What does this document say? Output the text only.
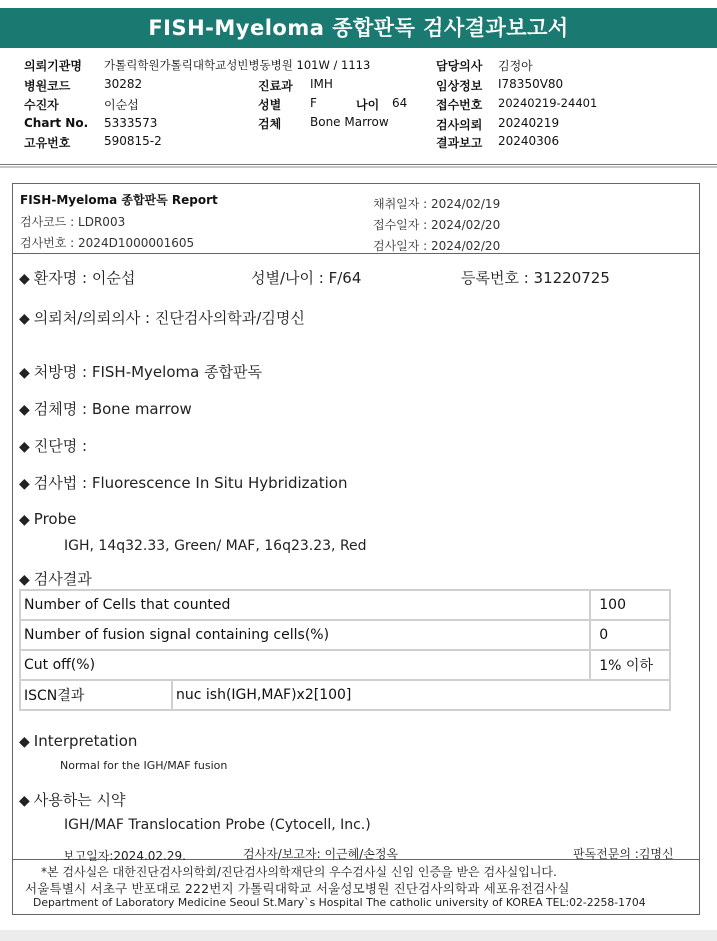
FISH-Myeloma 종합판독 검사결과보고서
의뢰기관명 가톨릭학원가톨릭대학교성빈병동병원 101W / 1113
병원코드	30282
수진자	이순섭
Chart No. 5333573
고유번호	590815-2
진료과 IMH
성별 F	나이 64
검체 Bone Marrow
담당의사 김정아
임상정보 I78350V80
접수번호 20240219-24401
검사의뢰 20240219
결과보고 20240306
FISH-Myeloma 종합판독 Report
검사코드 : LDR003
검사번호 : 2024D1000001605
채취일자 : 2024/02/19
접수일자 : 2024/02/20
검사일자 : 2024/02/20
◆ 환자명 : 이순섭	성별/나이 : F/64	등록번호 : 31220725
◆ 의뢰처/의뢰의사 : 진단검사의학과/김명신
◆ 처방명 : FISH-Myeloma 종합판독
◆ 검체명 : Bone marrow
◆ 진단명 :
◆ 검사법 : Fluorescence In Situ Hybridization
◆ Probe
IGH, 14q32.33, Green/ MAF, 16q23.23, Red
◆ 검사결과
Number of Cells that counted		100
Number of fusion signal containing cells(%)		0
Cut off(%)		1% 이하
ISCN결과	nuc ish(IGH,MAF)x2[100]	
◆ Interpretation
Normal for the IGH/MAF fusion
◆ 사용하는 시약
IGH/MAF Translocation Probe (Cytocell, Inc.)
보고일자:2024.02.29.	검사자/보고자: 이근혜/손정옥	판독전문의 :김명신
*본 검사실은 대한진단검사의학회/진단검사의학재단의 우수검사실 신임 인증을 받은 검사실입니다.
서울특별시 서초구 반포대로 222번지 가톨릭대학교 서울성모병원 진단검사의학과 세포유전검사실
Department of Laboratory Medicine Seoul St.Mary`s Hospital The catholic university of KOREA TEL:02-2258-1704
